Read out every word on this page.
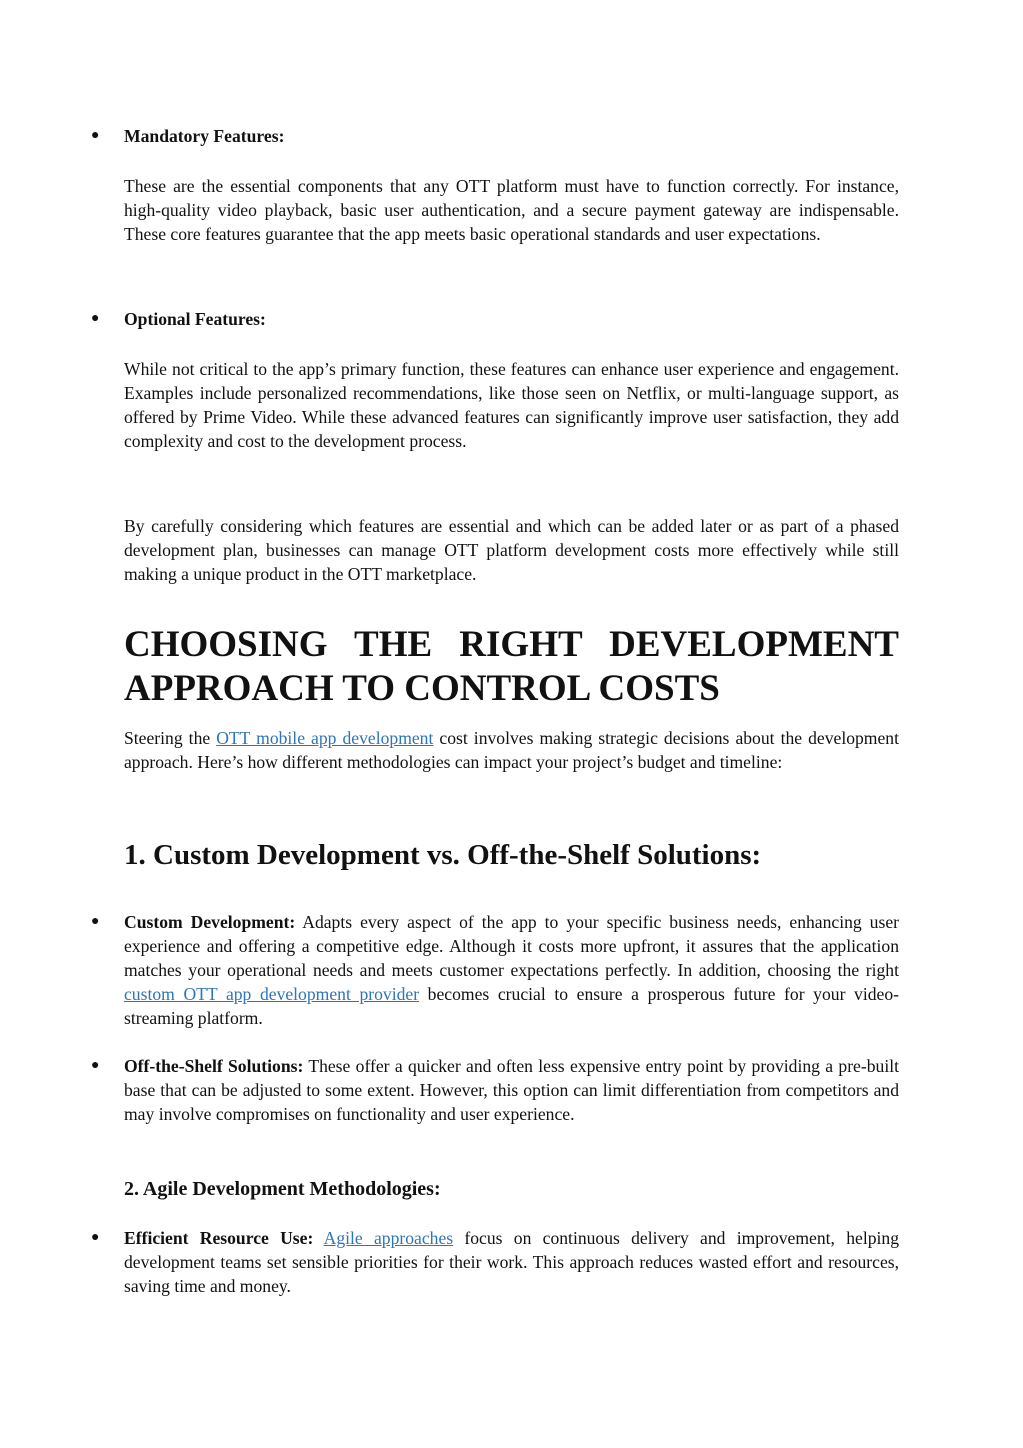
● Mandatory Features:
These are the essential components that any OTT platform must have to function correctly. For instance, high-quality video playback, basic user authentication, and a secure payment gateway are indispensable. These core features guarantee that the app meets basic operational standards and user expectations.
● Optional Features:
While not critical to the app’s primary function, these features can enhance user experience and engagement. Examples include personalized recommendations, like those seen on Netflix, or multi-language support, as offered by Prime Video. While these advanced features can significantly improve user satisfaction, they add complexity and cost to the development process.
By carefully considering which features are essential and which can be added later or as part of a phased development plan, businesses can manage OTT platform development costs more effectively while still making a unique product in the OTT marketplace.
CHOOSING THE RIGHT DEVELOPMENT
APPROACH TO CONTROL COSTS
Steering the OTT mobile app development cost involves making strategic decisions about the development approach. Here’s how different methodologies can impact your project’s budget and timeline:
1. Custom Development vs. Off-the-Shelf Solutions:
● Custom Development: Adapts every aspect of the app to your specific business needs, enhancing user experience and offering a competitive edge. Although it costs more upfront, it assures that the application matches your operational needs and meets customer expectations perfectly. In addition, choosing the right custom OTT app development provider becomes crucial to ensure a prosperous future for your video-streaming platform.
● Off-the-Shelf Solutions: These offer a quicker and often less expensive entry point by providing a pre-built base that can be adjusted to some extent. However, this option can limit differentiation from competitors and may involve compromises on functionality and user experience.
2. Agile Development Methodologies:
● Efficient Resource Use: Agile approaches focus on continuous delivery and improvement, helping development teams set sensible priorities for their work. This approach reduces wasted effort and resources, saving time and money.
